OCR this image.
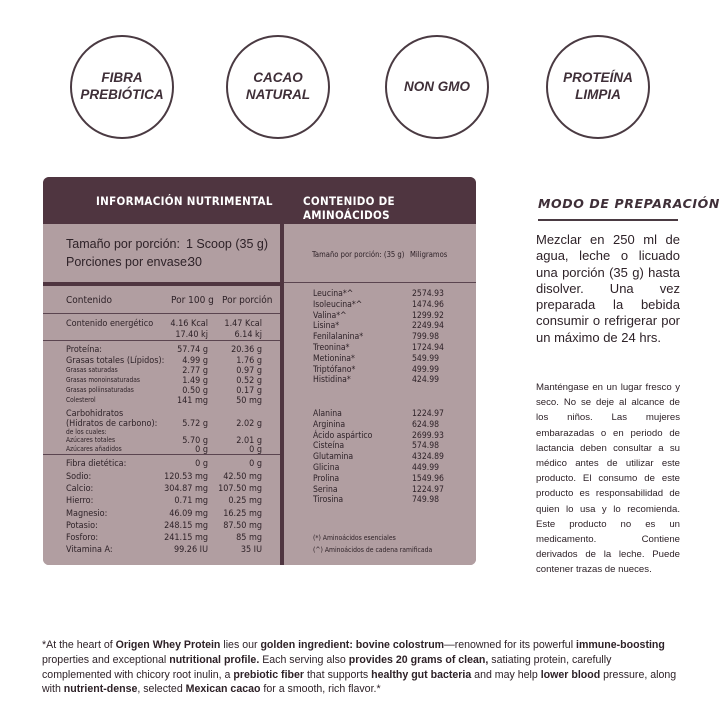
FIBRA
PREBIÓTICA
CACAO
NATURAL
NON GMO
PROTEÍNA
LIMPIA
INFORMACIÓN NUTRIMENTAL	CONTENIDO DE AMINOÁCIDOS
Tamaño por porción: 1 Scoop (35 g)
Porciones por envase:
30
Contenido	Por 100 g Por porción
Tamaño por porción: (35 g) Miligramos
Leucina*^	2574.93
Isoleucina*^	1474.96
Valina*^	1299.92
Lisina*	2249.94
Fenilalanina*	799.98
Treonina*	1724.94
Metionina*	549.99
Triptófano*	499.99
Histidina*	424.99
Alanina	1224.97
Arginina	624.98
Ácido aspártico	2699.93
Cisteína	574.98
Glutamina	4324.89
Glicina	449.99
Prolina	1549.96
Serina	1224.97
Tirosina	749.98
(*) Aminoácidos esenciales
(^) Aminoácidos de cadena ramificada
Contenido energético 4.16 Kcal 1.47 Kcal
17.40 kj	6.14 kj
Proteína:	57.74 g	20.36 g
Grasas totales (Lípidos): 4.99 g	1.76 g
Grasas saturadas	2.77 g	0.97 g
Grasas monoinsaturadas	1.49 g	0.52 g
Grasas poliinsaturadas	0.50 g	0.17 g
Colesterol	141 mg	50 mg
Carbohidratos
(Hidratos de carbono):	5.72 g	2.02 g
de los cuales:
Azúcares totales	5.70 g	2.01 g
Azúcares añadidos	0 g	0 g
Fibra dietética:	0 g	0 g
Sodio:	120.53 mg 42.50 mg
Calcio:	304.87 mg 107.50 mg
Hierro:	0.71 mg 0.25 mg
Magnesio:	46.09 mg 16.25 mg
Potasio:	248.15 mg 87.50 mg
Fosforo:	241.15 mg	85 mg
Vitamina A:	99.26 IU	35 IU
MODO DE PREPARACIÓN
Mezclar en 250 ml de agua, leche o licuado una porción (35 g) hasta disolver. Una vez preparada la bebida consumir o refrigerar por un máximo de 24 hrs.
Manténgase en un lugar fresco y seco. No se deje al alcance de los niños. Las mujeres embarazadas o en periodo de lactancia deben consultar a su médico antes de utilizar este producto. El consumo de este producto es responsabilidad de quien lo usa y lo recomienda. Este producto no es un medicamento. Contiene derivados de la leche. Puede contener trazas de nueces.
*At the heart of Origen Whey Protein lies our golden ingredient: bovine colostrum—renowned for its powerful immune-boosting properties and exceptional nutritional profile. Each serving also provides 20 grams of clean, satiating protein, carefully complemented with chicory root inulin, a prebiotic fiber that supports healthy gut bacteria and may help lower blood pressure, along with nutrient-dense, selected Mexican cacao for a smooth, rich flavor.*
